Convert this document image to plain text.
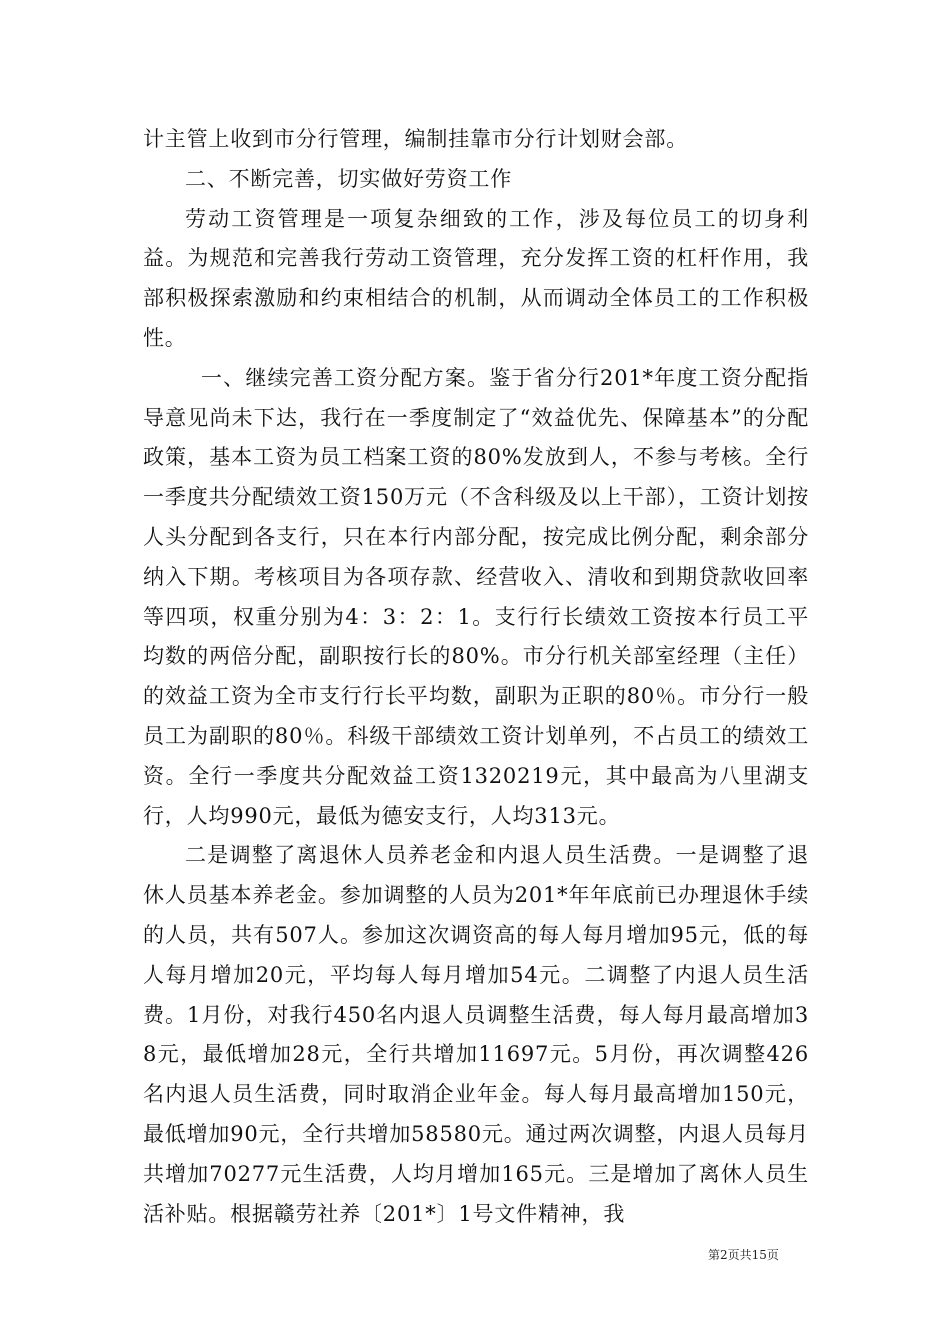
计主管上收到市分行管理，编制挂靠市分行计划财会部。

二、不断完善，切实做好劳资工作

劳动工资管理是一项复杂细致的工作，涉及每位员工的切身利益。为规范和完善我行劳动工资管理，充分发挥工资的杠杆作用，我部积极探索激励和约束相结合的机制，从而调动全体员工的工作积极性。

一、继续完善工资分配方案。鉴于省分行201*年度工资分配指导意见尚未下达，我行在一季度制定了“效益优先、保障基本”的分配政策，基本工资为员工档案工资的80%发放到人，不参与考核。全行一季度共分配绩效工资150万元（不含科级及以上干部），工资计划按人头分配到各支行，只在本行内部分配，按完成比例分配，剩余部分纳入下期。考核项目为各项存款、经营收入、清收和到期贷款收回率等四项，权重分别为4：3：2：1。支行行长绩效工资按本行员工平均数的两倍分配，副职按行长的80%。市分行机关部室经理（主任）的效益工资为全市支行行长平均数，副职为正职的80％。市分行一般员工为副职的80％。科级干部绩效工资计划单列，不占员工的绩效工资。全行一季度共分配效益工资1320219元，其中最高为八里湖支行，人均990元，最低为德安支行，人均313元。

二是调整了离退休人员养老金和内退人员生活费。一是调整了退休人员基本养老金。参加调整的人员为201*年年底前已办理退休手续的人员，共有507人。参加这次调资高的每人每月增加95元，低的每人每月增加20元，平均每人每月增加54元。二调整了内退人员生活费。1月份，对我行450名内退人员调整生活费，每人每月最高增加38元，最低增加28元，全行共增加11697元。5月份，再次调整426名内退人员生活费，同时取消企业年金。每人每月最高增加150元，最低增加90元，全行共增加58580元。通过两次调整，内退人员每月共增加70277元生活费，人均月增加165元。三是增加了离休人员生活补贴。根据赣劳社养〔201*〕1号文件精神，我

第2页共15页
